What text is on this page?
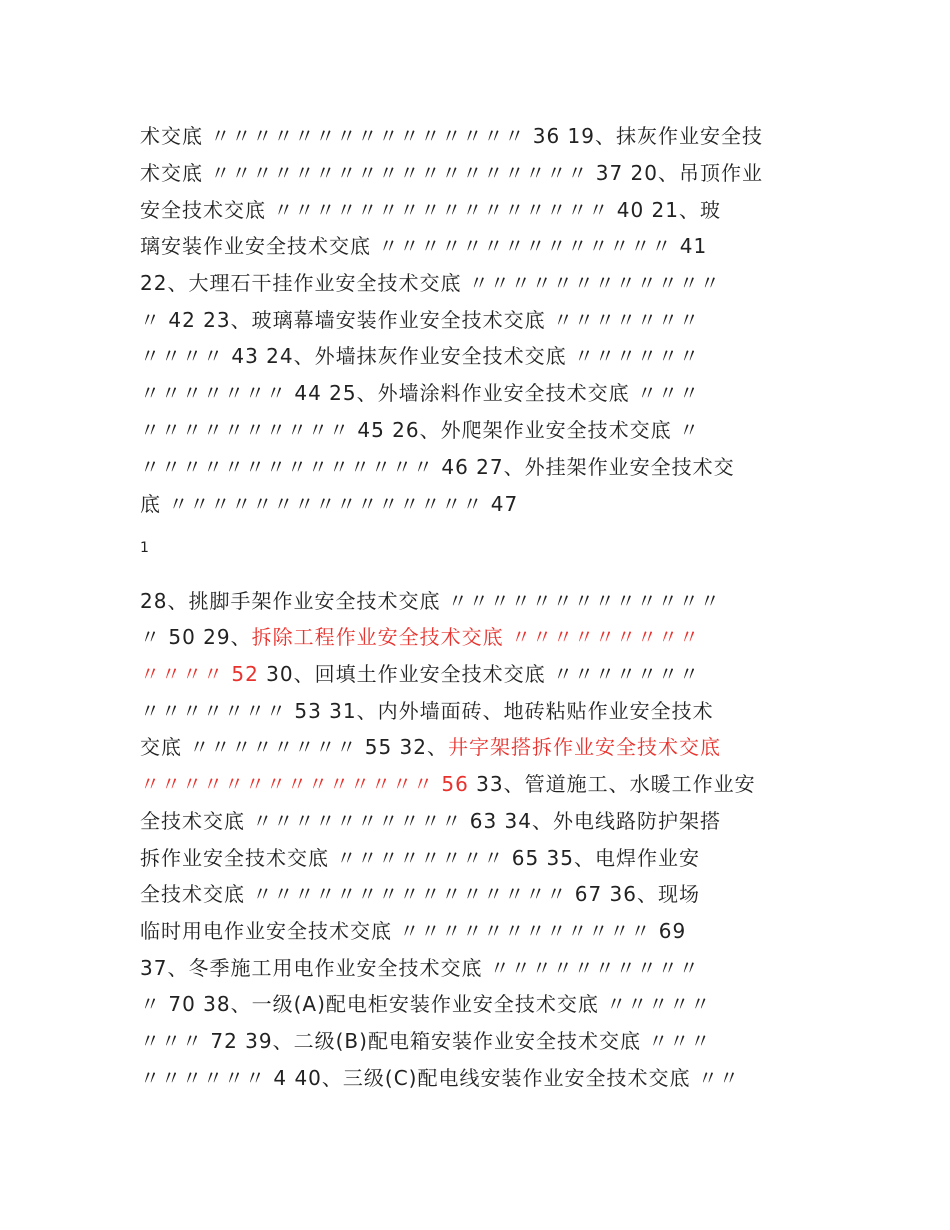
术交底 〃〃〃〃〃〃〃〃〃〃〃〃〃〃〃 36 19、抹灰作业安全技
术交底 〃〃〃〃〃〃〃〃〃〃〃〃〃〃〃〃〃〃 37 20、吊顶作业
安全技术交底 〃〃〃〃〃〃〃〃〃〃〃〃〃〃〃〃 40 21、玻
璃安装作业安全技术交底 〃〃〃〃〃〃〃〃〃〃〃〃〃〃 41
22、大理石干挂作业安全技术交底 〃〃〃〃〃〃〃〃〃〃〃〃
〃 42 23、玻璃幕墙安装作业安全技术交底 〃〃〃〃〃〃〃
〃〃〃〃 43 24、外墙抹灰作业安全技术交底 〃〃〃〃〃〃
〃〃〃〃〃〃〃 44 25、外墙涂料作业安全技术交底 〃〃〃
〃〃〃〃〃〃〃〃〃〃 45 26、外爬架作业安全技术交底 〃
〃〃〃〃〃〃〃〃〃〃〃〃〃〃 46 27、外挂架作业安全技术交
底 〃〃〃〃〃〃〃〃〃〃〃〃〃〃〃 47
1
28、挑脚手架作业安全技术交底 〃〃〃〃〃〃〃〃〃〃〃〃〃
〃 50 29、拆除工程作业安全技术交底 〃〃〃〃〃〃〃〃〃
〃〃〃〃 52 30、回填土作业安全技术交底 〃〃〃〃〃〃〃
〃〃〃〃〃〃〃 53 31、内外墙面砖、地砖粘贴作业安全技术
交底 〃〃〃〃〃〃〃〃 55 32、井字架搭拆作业安全技术交底
〃〃〃〃〃〃〃〃〃〃〃〃〃〃 56 33、管道施工、水暖工作业安
全技术交底 〃〃〃〃〃〃〃〃〃〃 63 34、外电线路防护架搭
拆作业安全技术交底 〃〃〃〃〃〃〃〃 65 35、电焊作业安
全技术交底 〃〃〃〃〃〃〃〃〃〃〃〃〃〃〃 67 36、现场
临时用电作业安全技术交底 〃〃〃〃〃〃〃〃〃〃〃〃 69
37、冬季施工用电作业安全技术交底 〃〃〃〃〃〃〃〃〃〃
〃 70 38、一级(A)配电柜安装作业安全技术交底 〃〃〃〃〃
〃〃〃 72 39、二级(B)配电箱安装作业安全技术交底 〃〃〃
〃〃〃〃〃〃 4 40、三级(C)配电线安装作业安全技术交底 〃〃
